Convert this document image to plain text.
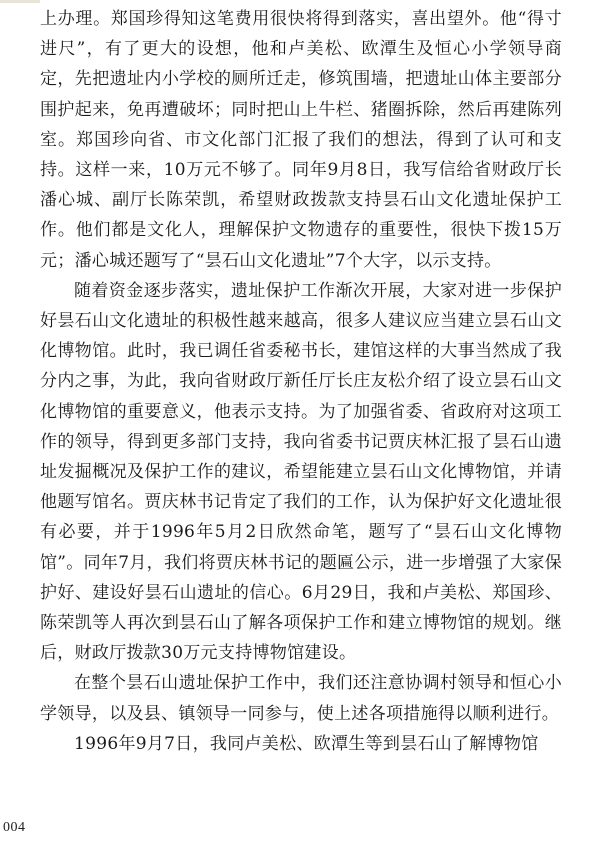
上办理。郑国珍得知这笔费用很快将得到落实，喜出望外。他“得寸进尺”，有了更大的设想，他和卢美松、欧潭生及恒心小学领导商定，先把遗址内小学校的厕所迁走，修筑围墙，把遗址山体主要部分围护起来，免再遭破坏；同时把山上牛栏、猪圈拆除，然后再建陈列室。郑国珍向省、市文化部门汇报了我们的想法，得到了认可和支持。这样一来，10万元不够了。同年9月8日，我写信给省财政厅长潘心城、副厅长陈荣凯，希望财政拨款支持昙石山文化遗址保护工作。他们都是文化人，理解保护文物遗存的重要性，很快下拨15万元；潘心城还题写了“昙石山文化遗址”7个大字，以示支持。

随着资金逐步落实，遗址保护工作渐次开展，大家对进一步保护好昙石山文化遗址的积极性越来越高，很多人建议应当建立昙石山文化博物馆。此时，我已调任省委秘书长，建馆这样的大事当然成了我分内之事，为此，我向省财政厅新任厅长庄友松介绍了设立昙石山文化博物馆的重要意义，他表示支持。为了加强省委、省政府对这项工作的领导，得到更多部门支持，我向省委书记贾庆林汇报了昙石山遗址发掘概况及保护工作的建议，希望能建立昙石山文化博物馆，并请他题写馆名。贾庆林书记肯定了我们的工作，认为保护好文化遗址很有必要，并于1996年5月2日欣然命笔，题写了“昙石山文化博物馆”。同年7月，我们将贾庆林书记的题匾公示，进一步增强了大家保护好、建设好昙石山遗址的信心。6月29日，我和卢美松、郑国珍、陈荣凯等人再次到昙石山了解各项保护工作和建立博物馆的规划。继后，财政厅拨款30万元支持博物馆建设。

在整个昙石山遗址保护工作中，我们还注意协调村领导和恒心小学领导，以及县、镇领导一同参与，使上述各项措施得以顺利进行。

1996年9月7日，我同卢美松、欧潭生等到昙石山了解博物馆

004
